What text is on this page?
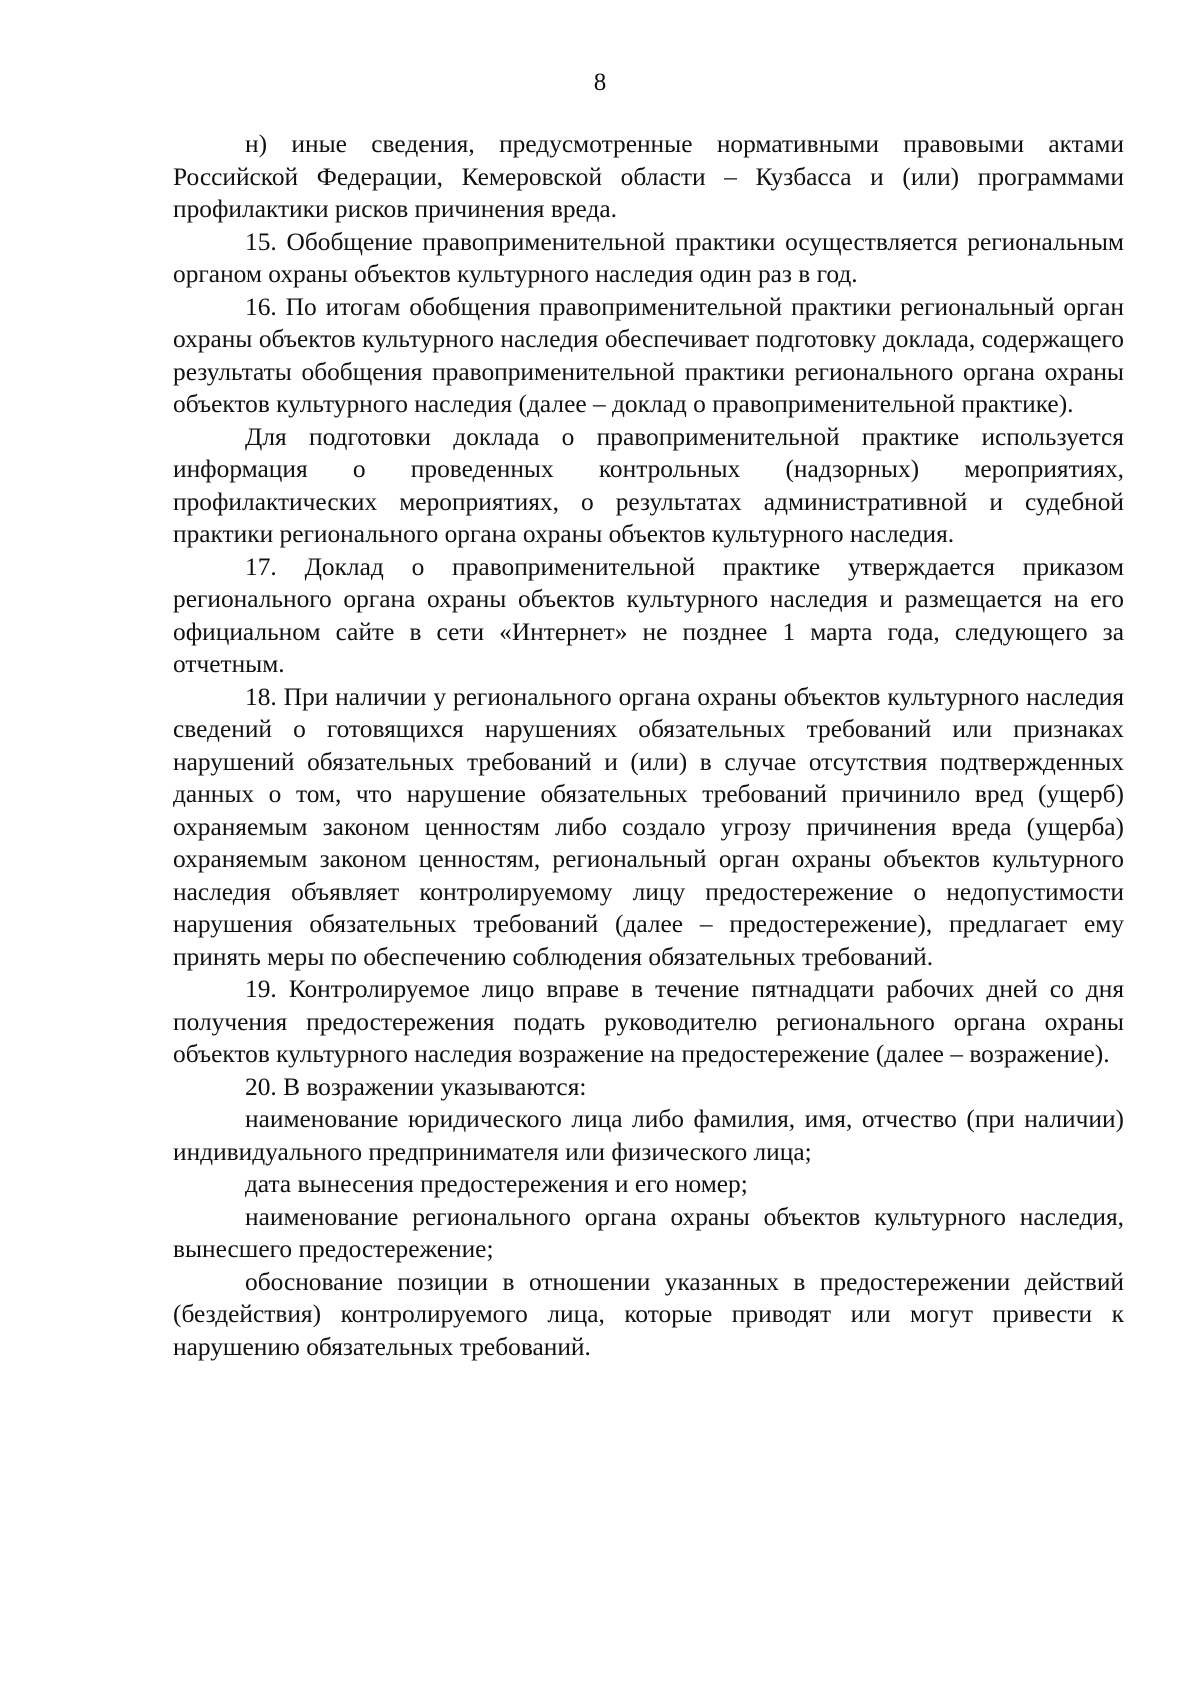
8

н) иные сведения, предусмотренные нормативными правовыми актами Российской Федерации, Кемеровской области – Кузбасса и (или) программами профилактики рисков причинения вреда.

15. Обобщение правоприменительной практики осуществляется региональным органом охраны объектов культурного наследия один раз в год.

16. По итогам обобщения правоприменительной практики региональный орган охраны объектов культурного наследия обеспечивает подготовку доклада, содержащего результаты обобщения правоприменительной практики регионального органа охраны объектов культурного наследия (далее – доклад о правоприменительной практике).

Для подготовки доклада о правоприменительной практике используется информация о проведенных контрольных (надзорных) мероприятиях, профилактических мероприятиях, о результатах административной и судебной практики регионального органа охраны объектов культурного наследия.

17. Доклад о правоприменительной практике утверждается приказом регионального органа охраны объектов культурного наследия и размещается на его официальном сайте в сети «Интернет» не позднее 1 марта года, следующего за отчетным.

18. При наличии у регионального органа охраны объектов культурного наследия сведений о готовящихся нарушениях обязательных требований или признаках нарушений обязательных требований и (или) в случае отсутствия подтвержденных данных о том, что нарушение обязательных требований причинило вред (ущерб) охраняемым законом ценностям либо создало угрозу причинения вреда (ущерба) охраняемым законом ценностям, региональный орган охраны объектов культурного наследия объявляет контролируемому лицу предостережение о недопустимости нарушения обязательных требований (далее – предостережение), предлагает ему принять меры по обеспечению соблюдения обязательных требований.

19. Контролируемое лицо вправе в течение пятнадцати рабочих дней со дня получения предостережения подать руководителю регионального органа охраны объектов культурного наследия возражение на предостережение (далее – возражение).

20. В возражении указываются:

наименование юридического лица либо фамилия, имя, отчество (при наличии) индивидуального предпринимателя или физического лица;

дата вынесения предостережения и его номер;

наименование регионального органа охраны объектов культурного наследия, вынесшего предостережение;

обоснование позиции в отношении указанных в предостережении действий (бездействия) контролируемого лица, которые приводят или могут привести к нарушению обязательных требований.
